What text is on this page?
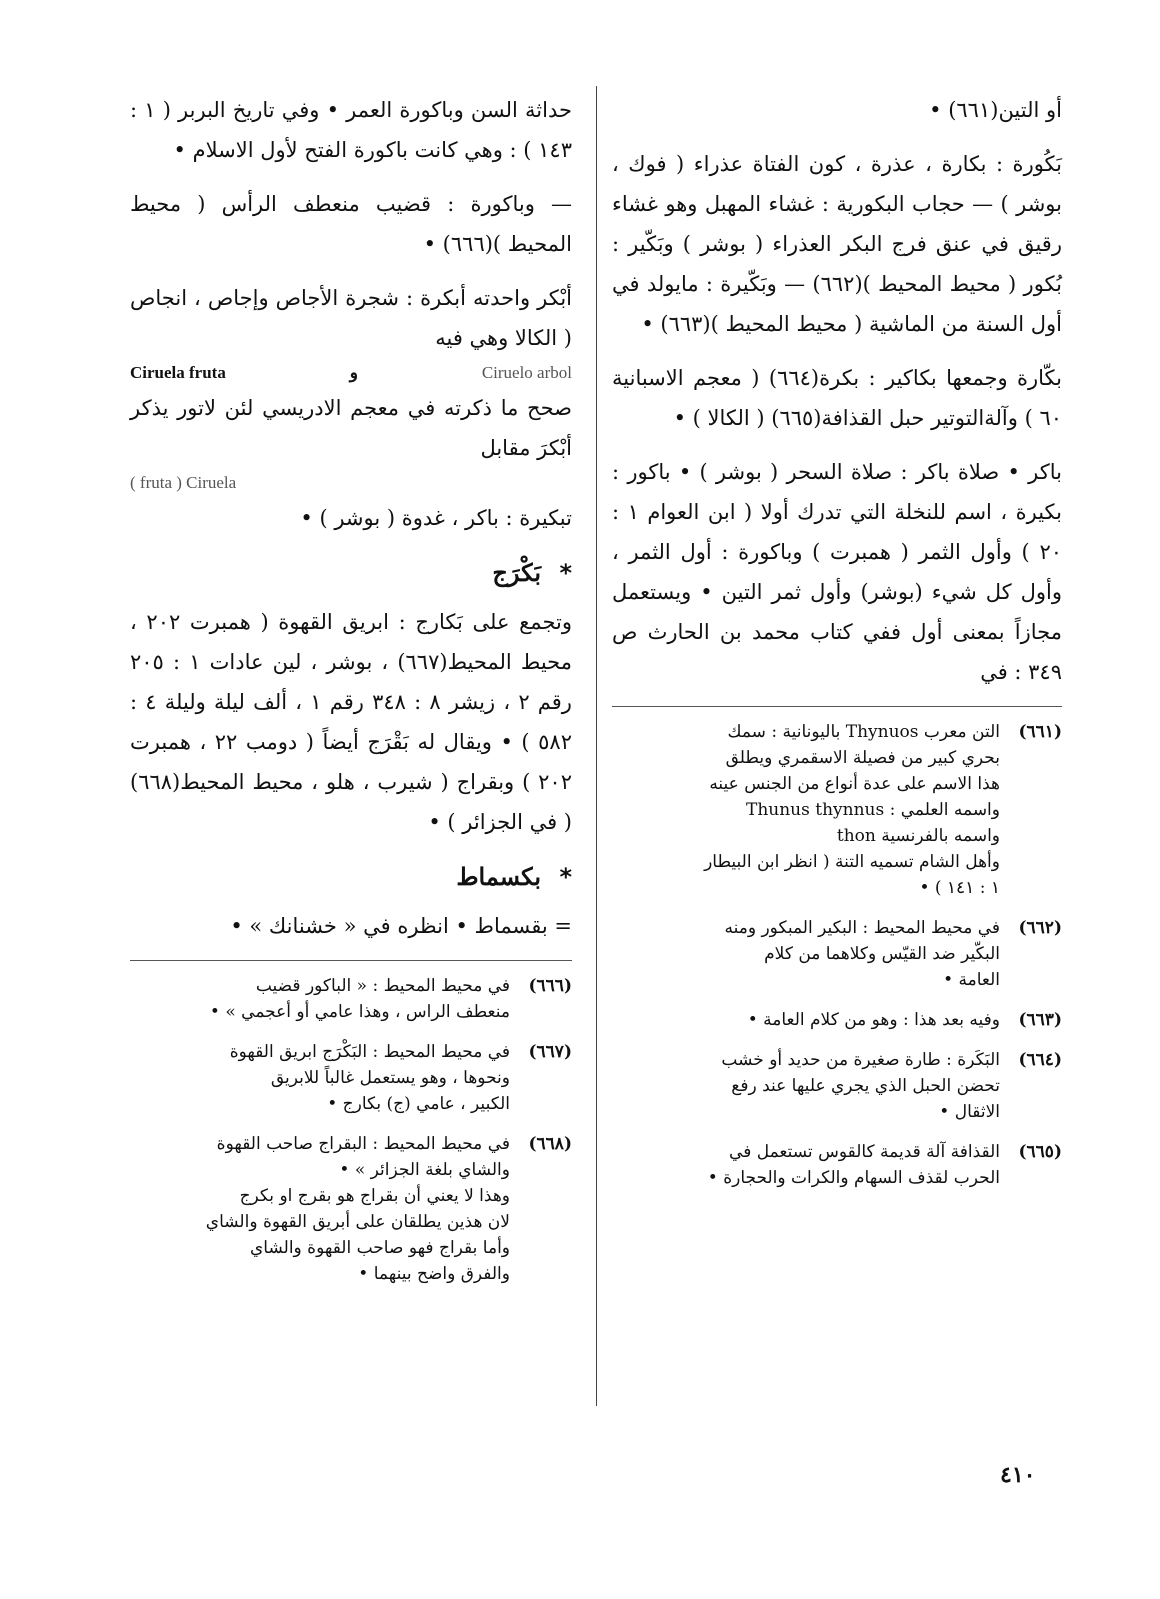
أو التين(٦٦١) •

بَكُورة : بكارة ، عذرة ، كون الفتاة عذراء ( فوك ، بوشر ) — حجاب البكورية : غشاء المهبل وهو غشاء رقيق في عنق فرج البكر العذراء ( بوشر ) وبَكّير : بُكور ( محيط المحيط )(٦٦٢) — وبَكّيرة : مايولد في أول السنة من الماشية ( محيط المحيط )(٦٦٣) •

بكّارة وجمعها بكاكير : بكرة(٦٦٤) ( معجم الاسبانية ٦٠ ) وآلةالتوتير حبل القذافة(٦٦٥) ( الكالا ) •

باكر • صلاة باكر : صلاة السحر ( بوشر ) • باكور : بكيرة ، اسم للنخلة التي تدرك أولا ( ابن العوام ١ : ٢٠ ) وأول الثمر ( همبرت ) وباكورة : أول الثمر ، وأول كل شيء (بوشر) وأول ثمر التين • ويستعمل مجازاً بمعنى أول ففي كتاب محمد بن الحارث ص ٣٤٩ : في

(٦٦١)
التن معرب Thynuos باليونانية : سمك
بحري كبير من فصيلة الاسقمري ويطلق
هذا الاسم على عدة أنواع من الجنس عينه
واسمه العلمي : Thunus thynnus
واسمه بالفرنسية thon
وأهل الشام تسميه التنة ( انظر ابن البيطار
١ : ١٤١ ) •
(٦٦٢)
في محيط المحيط : البكير المبكور ومنه
البكّير ضد القيّس وكلاهما من كلام
العامة •
(٦٦٣)
وفيه بعد هذا : وهو من كلام العامة •
(٦٦٤)
البَكَرة : طارة صغيرة من حديد أو خشب
تحضن الحبل الذي يجري عليها عند رفع
الاثقال •
(٦٦٥)
القذافة آلة قديمة كالقوس تستعمل في
الحرب لقذف السهام والكرات والحجارة •

حداثة السن وباكورة العمر • وفي تاريخ البربر ( ١ : ١٤٣ ) : وهي كانت باكورة الفتح لأول الاسلام •

— وباكورة : قضيب منعطف الرأس ( محيط المحيط )(٦٦٦) •

أبْكر واحدته أبكرة : شجرة الأجاص وإجاص ، انجاص ( الكالا وهي فيه

Ciruela fruta	و	Ciruelo arbol

صحح ما ذكرته في معجم الادريسي لئن لاتور يذكر أبْكرَ مقابل

( fruta ) Ciruela

تبكيرة : باكر ، غدوة ( بوشر ) •

* بَكْرَج

وتجمع على بَكارج : ابريق القهوة ( همبرت ٢٠٢ ، محيط المحيط(٦٦٧) ، بوشر ، لين عادات ١ : ٢٠٥ رقم ٢ ، زيشر ٨ : ٣٤٨ رقم ١ ، ألف ليلة وليلة ٤ : ٥٨٢ ) • ويقال له بَقْرَج أيضاً ( دومب ٢٢ ، همبرت ٢٠٢ ) وبقراج ( شيرب ، هلو ، محيط المحيط(٦٦٨) ( في الجزائر ) •

* بكسماط

= بقسماط • انظره في « خشنانك » •

(٦٦٦)
في محيط المحيط : « الباكور قضيب
منعطف الراس ، وهذا عامي أو أعجمي » •
(٦٦٧)
في محيط المحيط : البَكْرَج ابريق القهوة
ونحوها ، وهو يستعمل غالباً للابريق
الكبير ، عامي (ج) بكارج •
(٦٦٨)
في محيط المحيط : البقراج صاحب القهوة
والشاي بلغة الجزائر » •
وهذا لا يعني أن بقراج هو بقرج او بكرج
لان هذين يطلقان على أبريق القهوة والشاي
وأما بقراج فهو صاحب القهوة والشاي
والفرق واضح بينهما •
٤١٠
